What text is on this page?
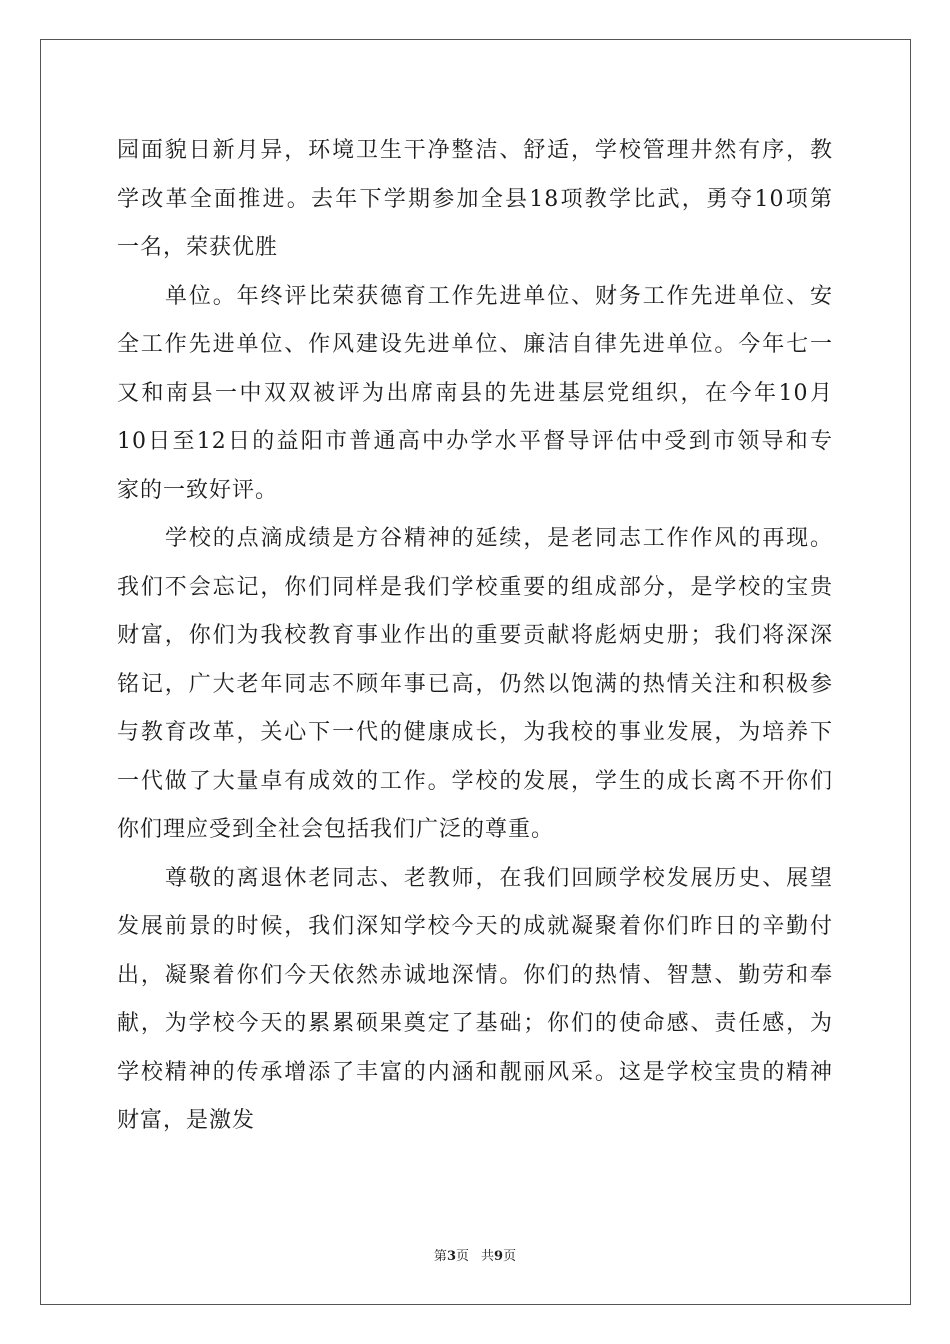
园面貌日新月异，环境卫生干净整洁、舒适，学校管理井然有序，教
学改革全面推进。去年下学期参加全县18项教学比武，勇夺10项第
一名，荣获优胜
单位。年终评比荣获德育工作先进单位、财务工作先进单位、安
全工作先进单位、作风建设先进单位、廉洁自律先进单位。今年七一
又和南县一中双双被评为出席南县的先进基层党组织，在今年10月
10日至12日的益阳市普通高中办学水平督导评估中受到市领导和专
家的一致好评。
学校的点滴成绩是方谷精神的延续，是老同志工作作风的再现。
我们不会忘记，你们同样是我们学校重要的组成部分，是学校的宝贵
财富，你们为我校教育事业作出的重要贡献将彪炳史册；我们将深深
铭记，广大老年同志不顾年事已高，仍然以饱满的热情关注和积极参
与教育改革，关心下一代的健康成长，为我校的事业发展，为培养下
一代做了大量卓有成效的工作。学校的发展，学生的成长离不开你们
你们理应受到全社会包括我们广泛的尊重。
尊敬的离退休老同志、老教师，在我们回顾学校发展历史、展望
发展前景的时候，我们深知学校今天的成就凝聚着你们昨日的辛勤付
出，凝聚着你们今天依然赤诚地深情。你们的热情、智慧、勤劳和奉
献，为学校今天的累累硕果奠定了基础；你们的使命感、责任感，为
学校精神的传承增添了丰富的内涵和靓丽风采。这是学校宝贵的精神
财富，是激发
第3页 共9页
